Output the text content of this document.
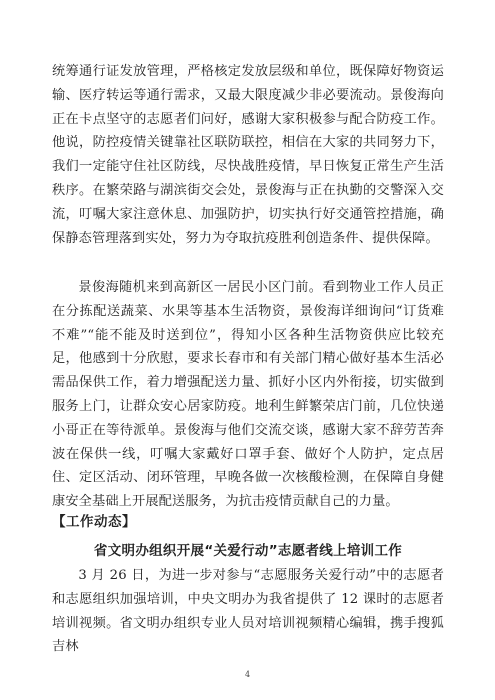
统筹通行证发放管理，严格核定发放层级和单位，既保障好物资运输、医疗转运等通行需求，又最大限度减少非必要流动。景俊海向正在卡点坚守的志愿者们问好，感谢大家积极参与配合防疫工作。他说，防控疫情关键靠社区联防联控，相信在大家的共同努力下，我们一定能守住社区防线，尽快战胜疫情，早日恢复正常生产生活秩序。在繁荣路与湖滨街交会处，景俊海与正在执勤的交警深入交流，叮嘱大家注意休息、加强防护，切实执行好交通管控措施，确保静态管理落到实处，努力为夺取抗疫胜利创造条件、提供保障。

景俊海随机来到高新区一居民小区门前。看到物业工作人员正在分拣配送蔬菜、水果等基本生活物资，景俊海详细询问“订货难不难”“能不能及时送到位”，得知小区各种生活物资供应比较充足，他感到十分欣慰，要求长春市和有关部门精心做好基本生活必需品保供工作，着力增强配送力量、抓好小区内外衔接，切实做到服务上门，让群众安心居家防疫。地利生鲜繁荣店门前，几位快递小哥正在等待派单。景俊海与他们交流交谈，感谢大家不辞劳苦奔波在保供一线，叮嘱大家戴好口罩手套、做好个人防护，定点居住、定区活动、闭环管理，早晚各做一次核酸检测，在保障自身健康安全基础上开展配送服务，为抗击疫情贡献自己的力量。

【工作动态】
省文明办组织开展“关爱行动”志愿者线上培训工作

3 月 26 日，为进一步对参与“志愿服务关爱行动”中的志愿者和志愿组织加强培训，中央文明办为我省提供了 12 课时的志愿者培训视频。省文明办组织专业人员对培训视频精心编辑，携手搜狐吉林

4
